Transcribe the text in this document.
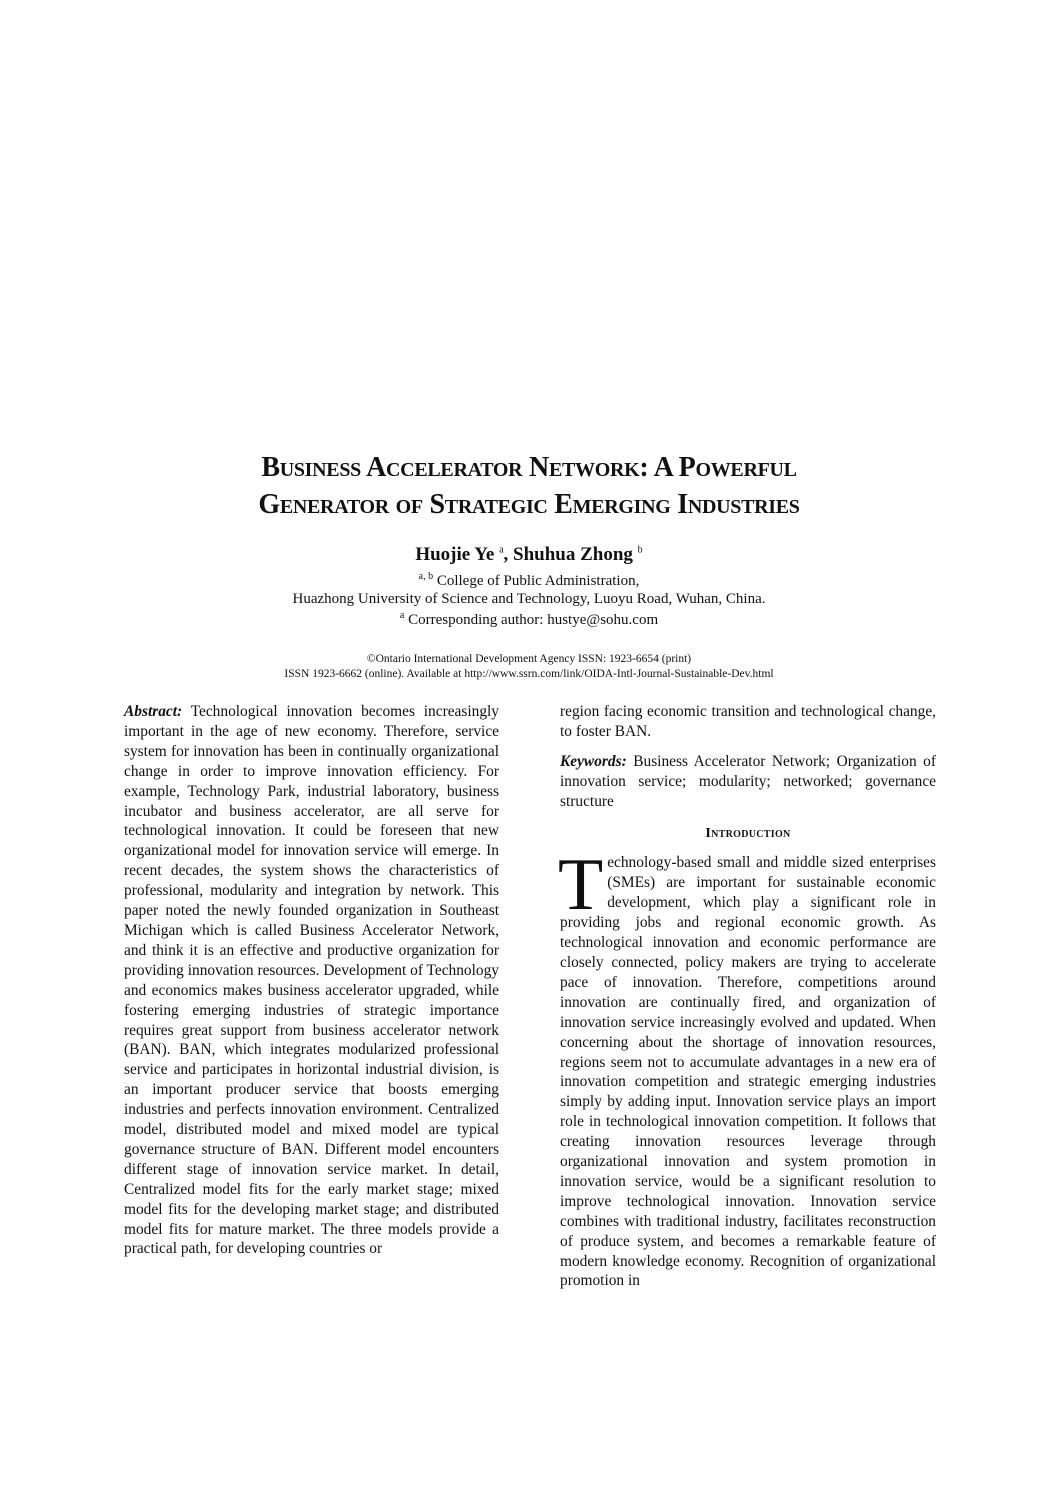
Business Accelerator Network: A Powerful
Generator of Strategic Emerging Industries
Huojie Ye $^a$, Shuhua Zhong $^b$
$^{a, b}$ College of Public Administration,
Huazhong University of Science and Technology, Luoyu Road, Wuhan, China.
$^a$ Corresponding author: hustye@sohu.com
©Ontario International Development Agency ISSN: 1923-6654 (print)
ISSN 1923-6662 (online). Available at http://www.ssrn.com/link/OIDA-Intl-Journal-Sustainable-Dev.html

Abstract: Technological innovation becomes increasingly important in the age of new economy. Therefore, service system for innovation has been in continually organizational change in order to improve innovation efficiency. For example, Technology Park, industrial laboratory, business incubator and business accelerator, are all serve for technological innovation. It could be foreseen that new organizational model for innovation service will emerge. In recent decades, the system shows the characteristics of professional, modularity and integration by network. This paper noted the newly founded organization in Southeast Michigan which is called Business Accelerator Network, and think it is an effective and productive organization for providing innovation resources. Development of Technology and economics makes business accelerator upgraded, while fostering emerging industries of strategic importance requires great support from business accelerator network (BAN). BAN, which integrates modularized professional service and participates in horizontal industrial division, is an important producer service that boosts emerging industries and perfects innovation environment. Centralized model, distributed model and mixed model are typical governance structure of BAN. Different model encounters different stage of innovation service market. In detail, Centralized model fits for the early market stage; mixed model fits for the developing market stage; and distributed model fits for mature market. The three models provide a practical path, for developing countries or

region facing economic transition and technological change, to foster BAN.

Keywords: Business Accelerator Network; Organization of innovation service; modularity; networked; governance structure

Introduction

Technology-based small and middle sized enterprises (SMEs) are important for sustainable economic development, which play a significant role in providing jobs and regional economic growth. As technological innovation and economic performance are closely connected, policy makers are trying to accelerate pace of innovation. Therefore, competitions around innovation are continually fired, and organization of innovation service increasingly evolved and updated. When concerning about the shortage of innovation resources, regions seem not to accumulate advantages in a new era of innovation competition and strategic emerging industries simply by adding input. Innovation service plays an import role in technological innovation competition. It follows that creating innovation resources leverage through organizational innovation and system promotion in innovation service, would be a significant resolution to improve technological innovation. Innovation service combines with traditional industry, facilitates reconstruction of produce system, and becomes a remarkable feature of modern knowledge economy. Recognition of organizational promotion in
